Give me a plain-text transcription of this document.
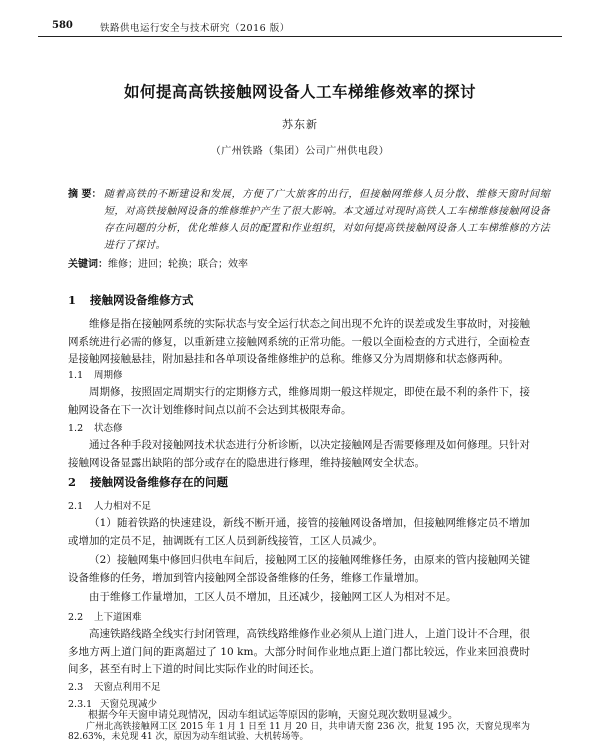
580	铁路供电运行安全与技术研究（2016 版）
如何提高高铁接触网设备人工车梯维修效率的探讨
苏东新
（广州铁路（集团）公司广州供电段）
摘 要： 随着高铁的不断建设和发展，方便了广大旅客的出行，但接触网维修人员分散、维修天窗时间缩短，对高铁接触网设备的维修维护产生了很大影响。本文通过对现时高铁人工车梯维修接触网设备存在问题的分析，优化维修人员的配置和作业组织，对如何提高铁接触网设备人工车梯维修的方法进行了探讨。
关键词：维修；进回；轮换；联合；效率
1 接触网设备维修方式
维修是指在接触网系统的实际状态与安全运行状态之间出现不允许的误差或发生事故时，对接触网系统进行必需的修复，以重新建立接触网系统的正常功能。一般以全面检查的方式进行，全面检查是接触网接触悬挂，附加悬挂和各单项设备维修维护的总称。维修又分为周期修和状态修两种。
1.1 周期修
周期修，按照固定周期实行的定期修方式，维修周期一般这样规定，即使在最不利的条件下，接触网设备在下一次计划维修时间点以前不会达到其极限寿命。
1.2 状态修
通过各种手段对接触网技术状态进行分析诊断，以决定接触网是否需要修理及如何修理。只针对接触网设备显露出缺陷的部分或存在的隐患进行修理，维持接触网安全状态。
2 接触网设备维修存在的问题
2.1 人力相对不足
（1）随着铁路的快速建设，新线不断开通，接管的接触网设备增加，但接触网维修定员不增加或增加的定员不足，抽调既有工区人员到新线接管，工区人员减少。
（2）接触网集中修回归供电车间后，接触网工区的接触网维修任务，由原来的管内接触网关键设备维修的任务，增加到管内接触网全部设备维修的任务，维修工作量增加。
由于维修工作量增加，工区人员不增加，且还减少，接触网工区人为相对不足。
2.2 上下道困难
高速铁路线路全线实行封闭管理，高铁线路维修作业必须从上道门进人，上道门设计不合理，很多地方两上道门间的距离超过了 10 km。大部分时间作业地点距上道门都比较远，作业来回浪费时间多，甚至有时上下道的时间比实际作业的时间还长。
2.3 天窗点利用不足
2.3.1 天窗兑现减少
根据今年天窗申请兑现情况，因动车组试运等原因的影响，天窗兑现次数明显减少。
广州北高铁接触网工区 2015 年 1 月 1 日至 11 月 20 日，共申请天窗 236 次，批复 195 次，天窗兑现率为 82.63%，未兑现 41 次，原因为动车组试验、大机转场等。
